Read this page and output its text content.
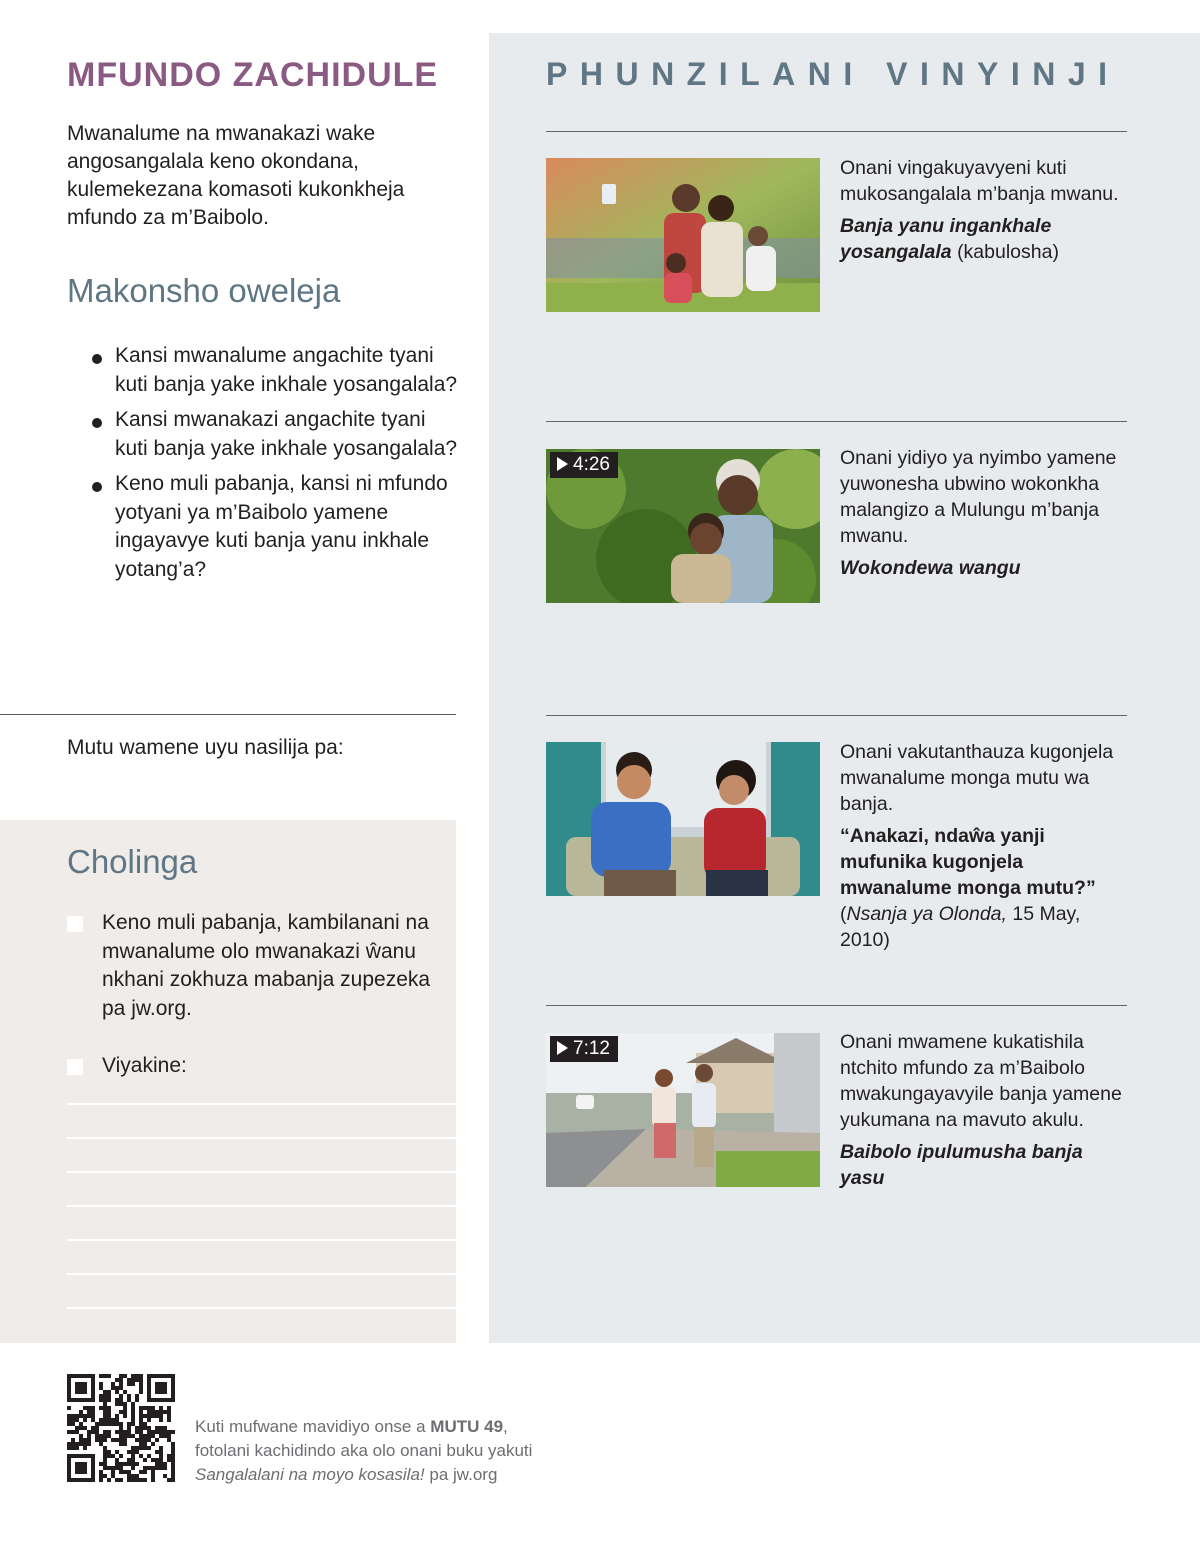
MFUNDO ZACHIDULE

Mwanalume na mwanakazi wake angosangalala keno okondana, kulemekezana komasoti kukonkheja mfundo za m’Baibolo.

Makonsho oweleja
Kansi mwanalume angachite tyani kuti banja yake inkhale yosangalala?
Kansi mwanakazi angachite tyani kuti banja yake inkhale yosangalala?
Keno muli pabanja, kansi ni mfundo yotyani ya m’Baibolo yamene ingayavye kuti banja yanu inkhale yotang’a?
Mutu wamene uyu nasilija pa:
Cholinga
Keno muli pabanja, kambilanani na mwanalume olo mwanakazi ŵanu nkhani zokhuza mabanja zupezeka pa jw.org.
Viyakine:
PHUNZILANI VINYINJI
Onani vingakuyavyeni kuti mukosangalala m’banja mwanu.
Banja yanu ingankhale yosangalala (kabulosha)
4:26	Onani yidiyo ya nyimbo yamene yuwonesha ubwino wokonkha malangizo a Mulungu m’banja mwanu.
Wokondewa wangu
Onani vakutanthauza kugonjela mwanalume monga mutu wa banja.
“Anakazi, ndaŵa yanji mufunika kugonjela mwanalume monga mutu?” (Nsanja ya Olonda, 15 May, 2010)
7:12	Onani mwamene kukatishila ntchito mfundo za m’Baibolo mwakungayavyile banja yamene yukumana na mavuto akulu.
Baibolo ipulumusha banja yasu
Kuti mufwane mavidiyo onse a MUTU 49,
fotolani kachidindo aka olo onani buku yakuti
Sangalalani na moyo kosasila! pa jw.org
